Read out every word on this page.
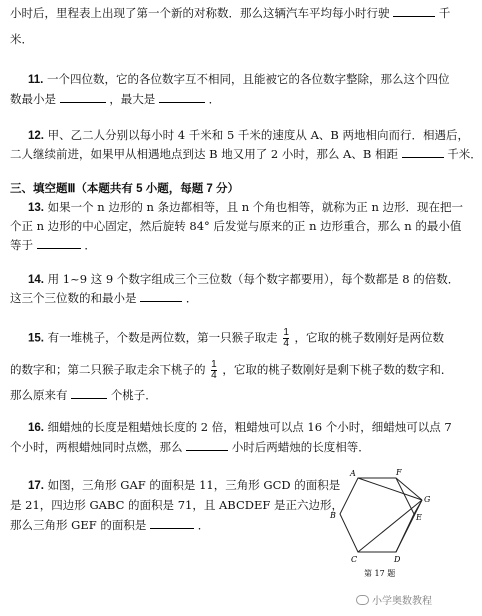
小时后，里程表上出现了第一个新的对称数．那么这辆汽车平均每小时行驶	千
米．
11. 一个四位数，它的各位数字互不相同，且能被它的各位数字整除，那么这个四位
数最小是	，最大是	．
12. 甲、乙二人分别以每小时 4 千米和 5 千米的速度从 A、B 两地相向而行．相遇后，
二人继续前进，如果甲从相遇地点到达 B 地又用了 2 小时，那么 A、B 相距	千米．
三、填空题Ⅲ（本题共有 5 小题，每题 7 分）
13. 如果一个 n 边形的 n 条边都相等，且 n 个角也相等，就称为正 n 边形．现在把一
个正 n 边形的中心固定，然后旋转 84° 后发觉与原来的正 n 边形重合，那么 n 的最小值
等于	．
14. 用 1~9 这 9 个数字组成三个三位数（每个数字都要用），每个数都是 8 的倍数．
这三个三位数的和最小是	．
15. 有一堆桃子，个数是两位数，第一只猴子取走 $\frac{1}{4}$ ，它取的桃子数刚好是两位数
的数字和；第二只猴子取走余下桃子的 $\frac{1}{4}$ ，它取的桃子数刚好是剩下桃子数的数字和．
那么原来有	个桃子．
16. 细蜡烛的长度是粗蜡烛长度的 2 倍，粗蜡烛可以点 16 个小时，细蜡烛可以点 7
个小时，两根蜡烛同时点燃，那么	小时后两蜡烛的长度相等．
17. 如图，三角形 GAF 的面积是 11，三角形 GCD 的面积是
是 21，四边形 GABC 的面积是 71，且 ABCDEF 是正六边形，
那么三角形 GEF 的面积是	．
A	F
G
E
B
C	D
第 17 题
小学奥数教程
